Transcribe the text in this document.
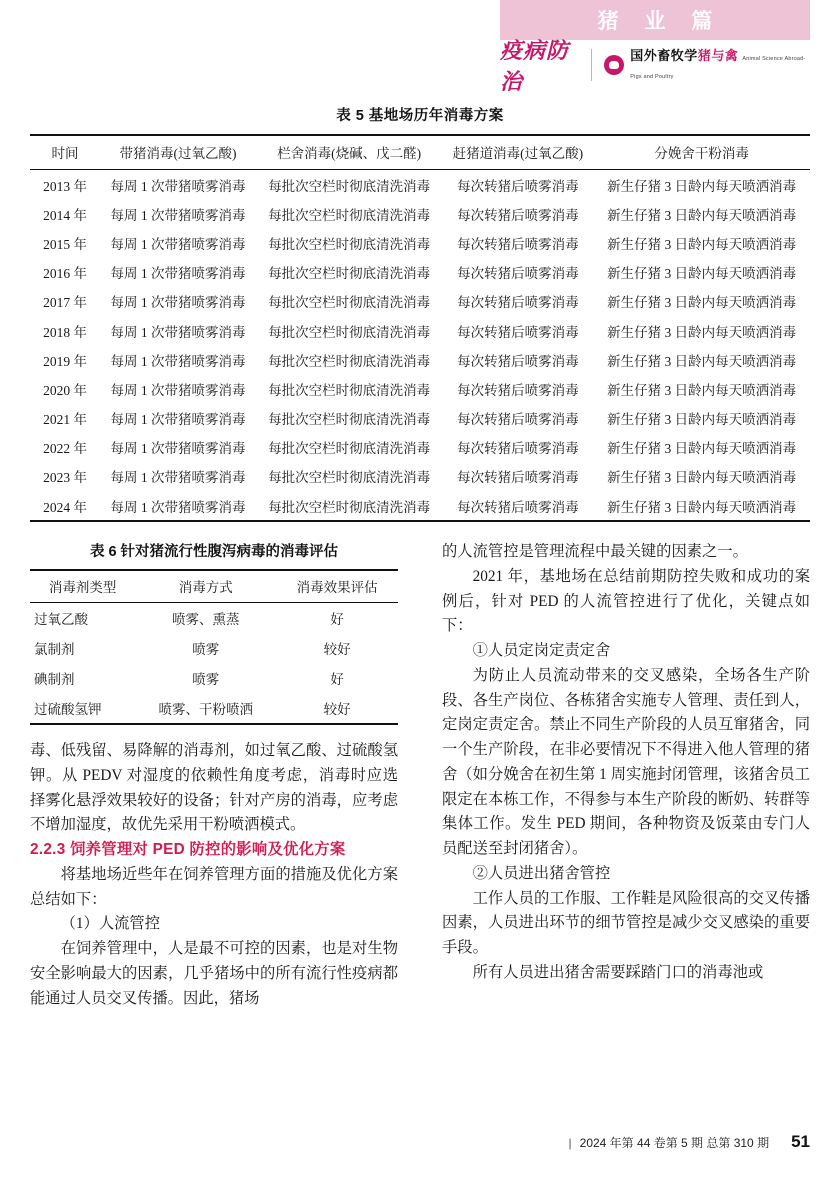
猪 业 篇
疫病防治
国外畜牧学猪与禽 Animal Science Abroad-Pigs and Poultry
表 5 基地场历年消毒方案
时间	带猪消毒(过氧乙酸)	栏舍消毒(烧碱、戊二醛)	赶猪道消毒(过氧乙酸)	分娩舍干粉消毒
2013 年	每周 1 次带猪喷雾消毒	每批次空栏时彻底清洗消毒	每次转猪后喷雾消毒	新生仔猪 3 日龄内每天喷洒消毒
2014 年	每周 1 次带猪喷雾消毒	每批次空栏时彻底清洗消毒	每次转猪后喷雾消毒	新生仔猪 3 日龄内每天喷洒消毒
2015 年	每周 1 次带猪喷雾消毒	每批次空栏时彻底清洗消毒	每次转猪后喷雾消毒	新生仔猪 3 日龄内每天喷洒消毒
2016 年	每周 1 次带猪喷雾消毒	每批次空栏时彻底清洗消毒	每次转猪后喷雾消毒	新生仔猪 3 日龄内每天喷洒消毒
2017 年	每周 1 次带猪喷雾消毒	每批次空栏时彻底清洗消毒	每次转猪后喷雾消毒	新生仔猪 3 日龄内每天喷洒消毒
2018 年	每周 1 次带猪喷雾消毒	每批次空栏时彻底清洗消毒	每次转猪后喷雾消毒	新生仔猪 3 日龄内每天喷洒消毒
2019 年	每周 1 次带猪喷雾消毒	每批次空栏时彻底清洗消毒	每次转猪后喷雾消毒	新生仔猪 3 日龄内每天喷洒消毒
2020 年	每周 1 次带猪喷雾消毒	每批次空栏时彻底清洗消毒	每次转猪后喷雾消毒	新生仔猪 3 日龄内每天喷洒消毒
2021 年	每周 1 次带猪喷雾消毒	每批次空栏时彻底清洗消毒	每次转猪后喷雾消毒	新生仔猪 3 日龄内每天喷洒消毒
2022 年	每周 1 次带猪喷雾消毒	每批次空栏时彻底清洗消毒	每次转猪后喷雾消毒	新生仔猪 3 日龄内每天喷洒消毒
2023 年	每周 1 次带猪喷雾消毒	每批次空栏时彻底清洗消毒	每次转猪后喷雾消毒	新生仔猪 3 日龄内每天喷洒消毒
2024 年	每周 1 次带猪喷雾消毒	每批次空栏时彻底清洗消毒	每次转猪后喷雾消毒	新生仔猪 3 日龄内每天喷洒消毒
表 6 针对猪流行性腹泻病毒的消毒评估
消毒剂类型	消毒方式	消毒效果评估
过氧乙酸	喷雾、熏蒸	好
氯制剂	喷雾	较好
碘制剂	喷雾	好
过硫酸氢钾	喷雾、干粉喷洒	较好

毒、低残留、易降解的消毒剂，如过氧乙酸、过硫酸氢钾。从 PEDV 对湿度的依赖性角度考虑，消毒时应选择雾化悬浮效果较好的设备；针对产房的消毒，应考虑不增加湿度，故优先采用干粉喷洒模式。

2.2.3 饲养管理对 PED 防控的影响及优化方案

将基地场近些年在饲养管理方面的措施及优化方案总结如下：

（1）人流管控

在饲养管理中，人是最不可控的因素，也是对生物安全影响最大的因素，几乎猪场中的所有流行性疫病都能通过人员交叉传播。因此，猪场

的人流管控是管理流程中最关键的因素之一。

2021 年，基地场在总结前期防控失败和成功的案例后，针对 PED 的人流管控进行了优化，关键点如下：

①人员定岗定责定舍

为防止人员流动带来的交叉感染，全场各生产阶段、各生产岗位、各栋猪舍实施专人管理、责任到人，定岗定责定舍。禁止不同生产阶段的人员互窜猪舍，同一个生产阶段，在非必要情况下不得进入他人管理的猪舍（如分娩舍在初生第 1 周实施封闭管理，该猪舍员工限定在本栋工作，不得参与本生产阶段的断奶、转群等集体工作。发生 PED 期间，各种物资及饭菜由专门人员配送至封闭猪舍）。

②人员进出猪舍管控

工作人员的工作服、工作鞋是风险很高的交叉传播因素，人员进出环节的细节管控是减少交叉感染的重要手段。

所有人员进出猪舍需要踩踏门口的消毒池或

| 2024 年第 44 卷第 5 期 总第 310 期 51
